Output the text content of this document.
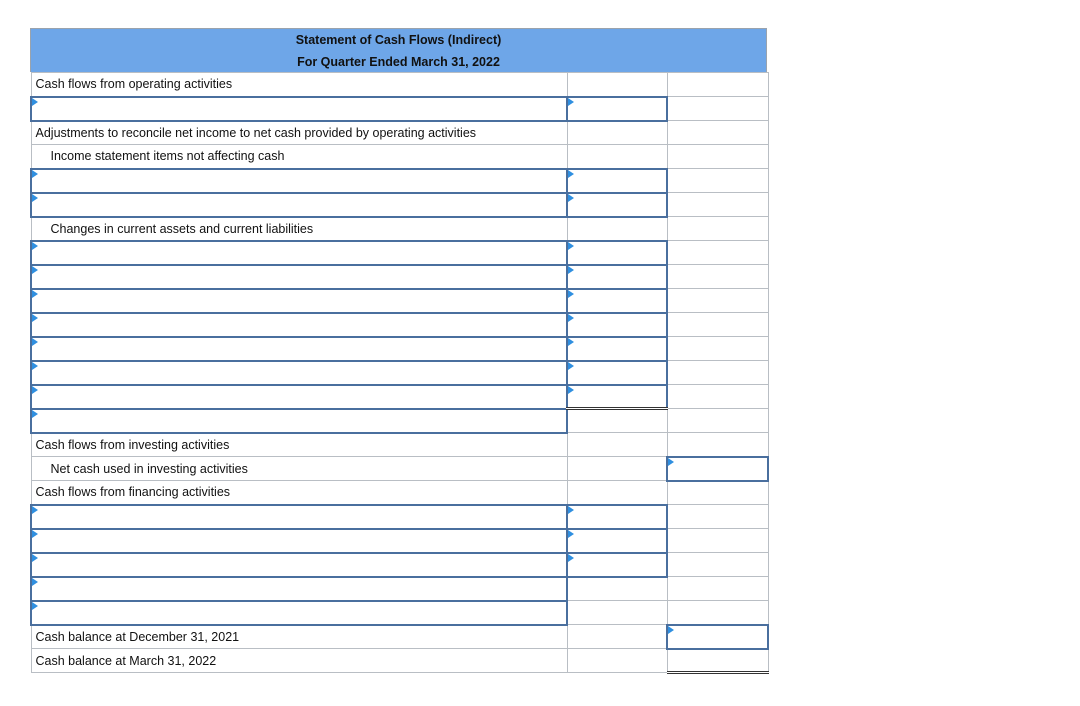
Statement of Cash Flows (Indirect)
For Quarter Ended March 31, 2022
Cash flows from operating activities		

Adjustments to reconcile net income to net cash provided by operating activities		
Income statement items not affecting cash		

Changes in current assets and current liabilities		

Cash flows from investing activities		
Net cash used in investing activities		
Cash flows from financing activities		

Cash balance at December 31, 2021		
Cash balance at March 31, 2022		
